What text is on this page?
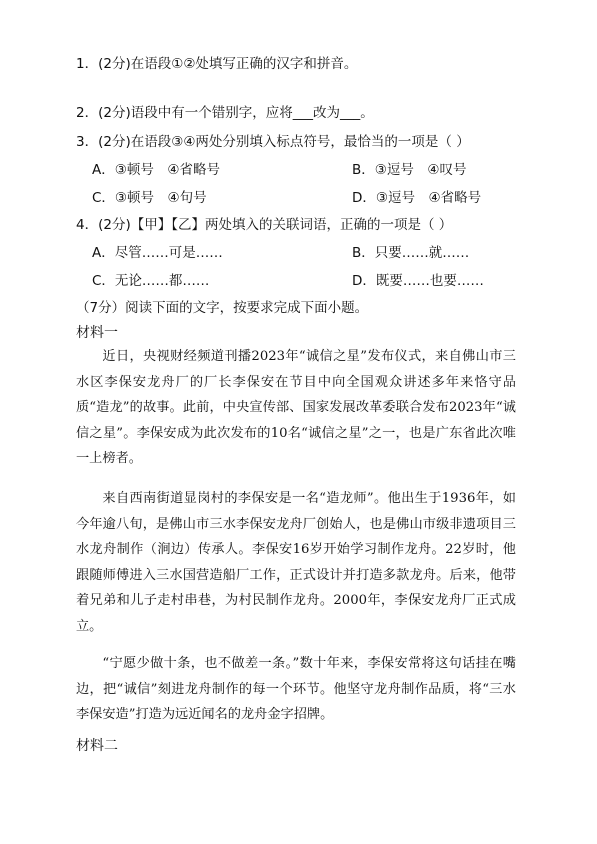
1．(2分)在语段①②处填写正确的汉字和拼音。
2．(2分)语段中有一个错别字，应将___改为___。
3．(2分)在语段③④两处分别填入标点符号，最恰当的一项是（ ）
A．③顿号　④省略号	B．③逗号　④叹号
C．③顿号　④句号	D．③逗号　④省略号
4．(2分)【甲】【乙】两处填入的关联词语，正确的一项是（ ）
A．尽管……可是……	B．只要……就……
C．无论……都……	D．既要……也要……
（7分）阅读下面的文字，按要求完成下面小题。
材料一
近日，央视财经频道刊播2023年“诚信之星”发布仪式，来自佛山市三水区李保安龙舟厂的厂长李保安在节目中向全国观众讲述多年来恪守品质“造龙”的故事。此前，中央宣传部、国家发展改革委联合发布2023年“诚信之星”。李保安成为此次发布的10名“诚信之星”之一，也是广东省此次唯一上榜者。
来自西南街道显岗村的李保安是一名“造龙师”。他出生于1936年，如今年逾八旬，是佛山市三水李保安龙舟厂创始人，也是佛山市级非遗项目三水龙舟制作（涧边）传承人。李保安16岁开始学习制作龙舟。22岁时，他跟随师傅进入三水国营造船厂工作，正式设计并打造多款龙舟。后来，他带着兄弟和儿子走村串巷，为村民制作龙舟。2000年，李保安龙舟厂正式成立。
“宁愿少做十条，也不做差一条。”数十年来，李保安常将这句话挂在嘴边，把“诚信”刻进龙舟制作的每一个环节。他坚守龙舟制作品质，将“三水李保安造”打造为远近闻名的龙舟金字招牌。
材料二
